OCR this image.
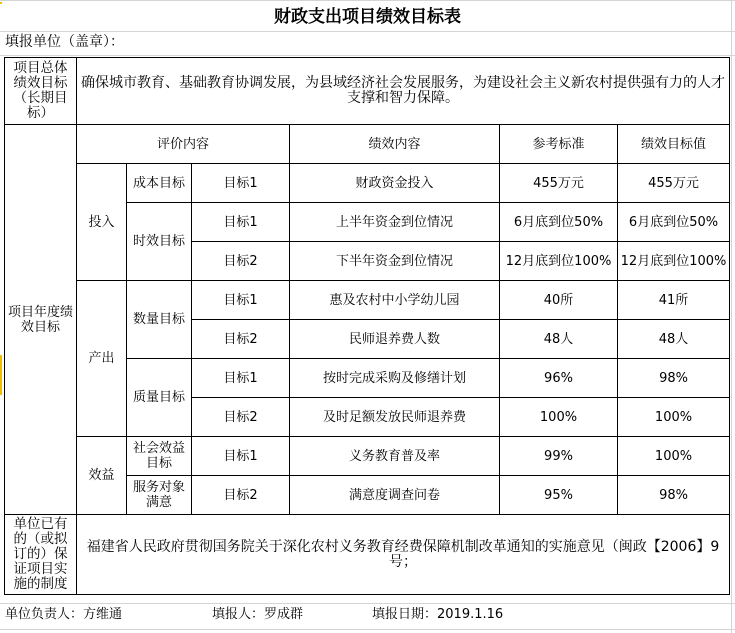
财政支出项目绩效目标表
填报单位（盖章）：
项目总体绩效目标（长期目标）	确保城市教育、基础教育协调发展，为县域经济社会发展服务，为建设社会主义新农村提供强有力的人才支撑和智力保障。					
项目年度绩效目标	评价内容			绩效内容	参考标准	绩效目标值
	投入	成本目标	目标1	财政资金投入	455万元	455万元
		时效目标	目标1	上半年资金到位情况	6月底到位50%	6月底到位50%
			目标2	下半年资金到位情况	12月底到位100%	12月底到位100%
	产出	数量目标	目标1	惠及农村中小学幼儿园	40所	41所
			目标2	民师退养费人数	48人	48人
		质量目标	目标1	按时完成采购及修缮计划	96%	98%
			目标2	及时足额发放民师退养费	100%	100%
	效益	社会效益目标	目标1	义务教育普及率	99%	100%
		服务对象满意	目标2	满意度调查问卷	95%	98%
单位已有的（或拟订的）保证项目实施的制度	福建省人民政府贯彻国务院关于深化农村义务教育经费保障机制改革通知的实施意见（闽政【2006】9号；					
单位负责人：方维通	填报人：罗成群	填报日期：2019.1.16
